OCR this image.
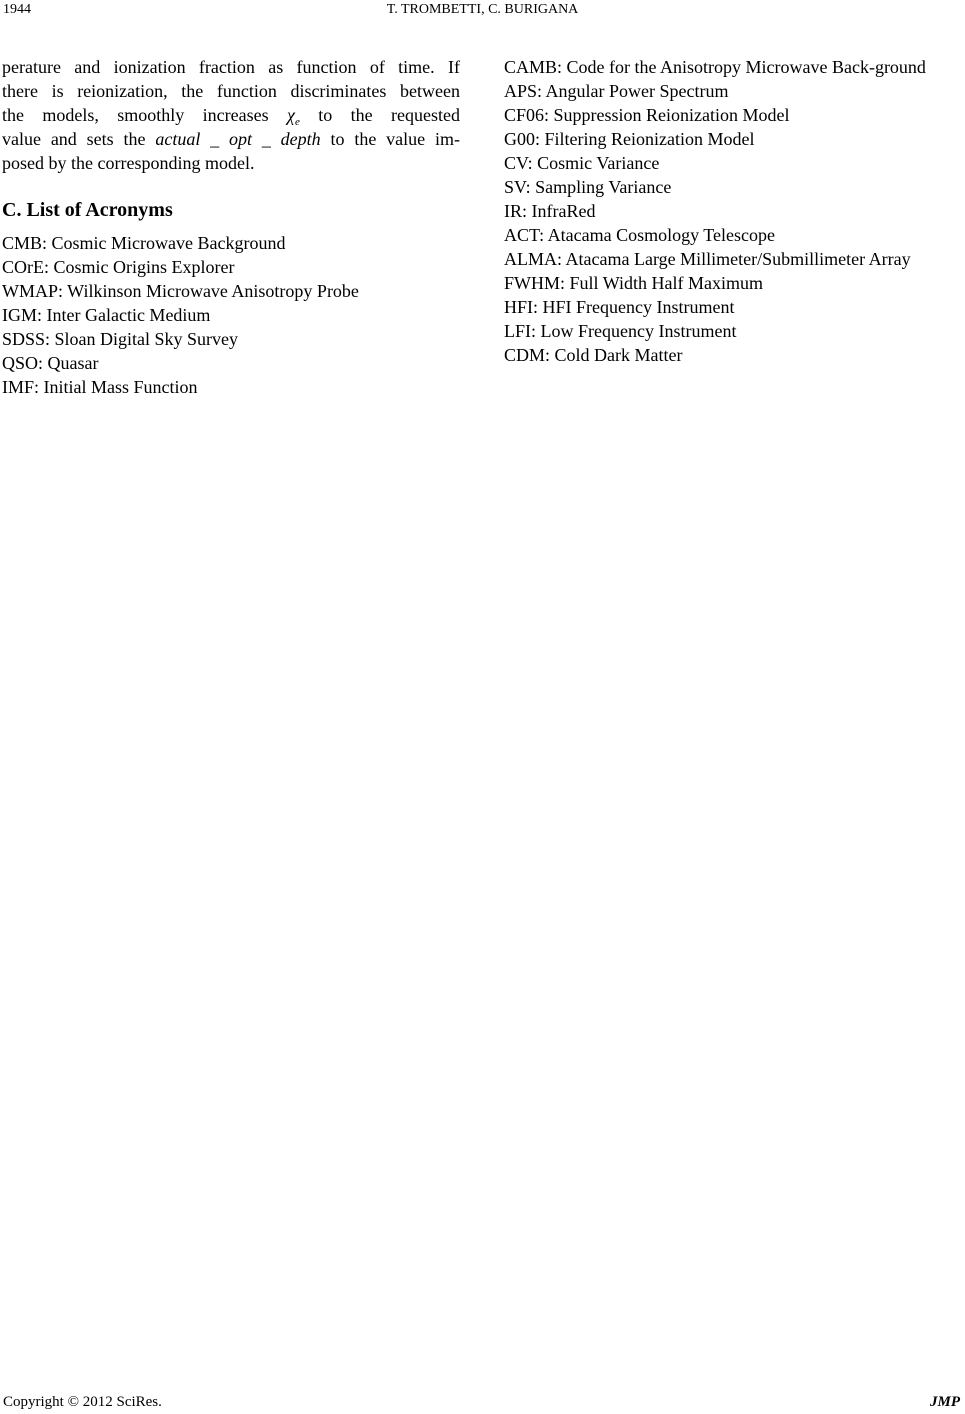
1944	T. TROMBETTI, C. BURIGANA
perature and ionization fraction as function of time. If
there is reionization, the function discriminates between
the models, smoothly increases $\chi_e$ to the requested
value and sets the actual _ opt _ depth to the value im-
posed by the corresponding model.
C. List of Acronyms
CMB: Cosmic Microwave Background
COrE: Cosmic Origins Explorer
WMAP: Wilkinson Microwave Anisotropy Probe
IGM: Inter Galactic Medium
SDSS: Sloan Digital Sky Survey
QSO: Quasar
IMF: Initial Mass Function
CAMB: Code for the Anisotropy Microwave Back-ground
APS: Angular Power Spectrum
CF06: Suppression Reionization Model
G00: Filtering Reionization Model
CV: Cosmic Variance
SV: Sampling Variance
IR: InfraRed
ACT: Atacama Cosmology Telescope
ALMA: Atacama Large Millimeter/Submillimeter Array
FWHM: Full Width Half Maximum
HFI: HFI Frequency Instrument
LFI: Low Frequency Instrument
CDM: Cold Dark Matter
Copyright © 2012 SciRes.	JMP
